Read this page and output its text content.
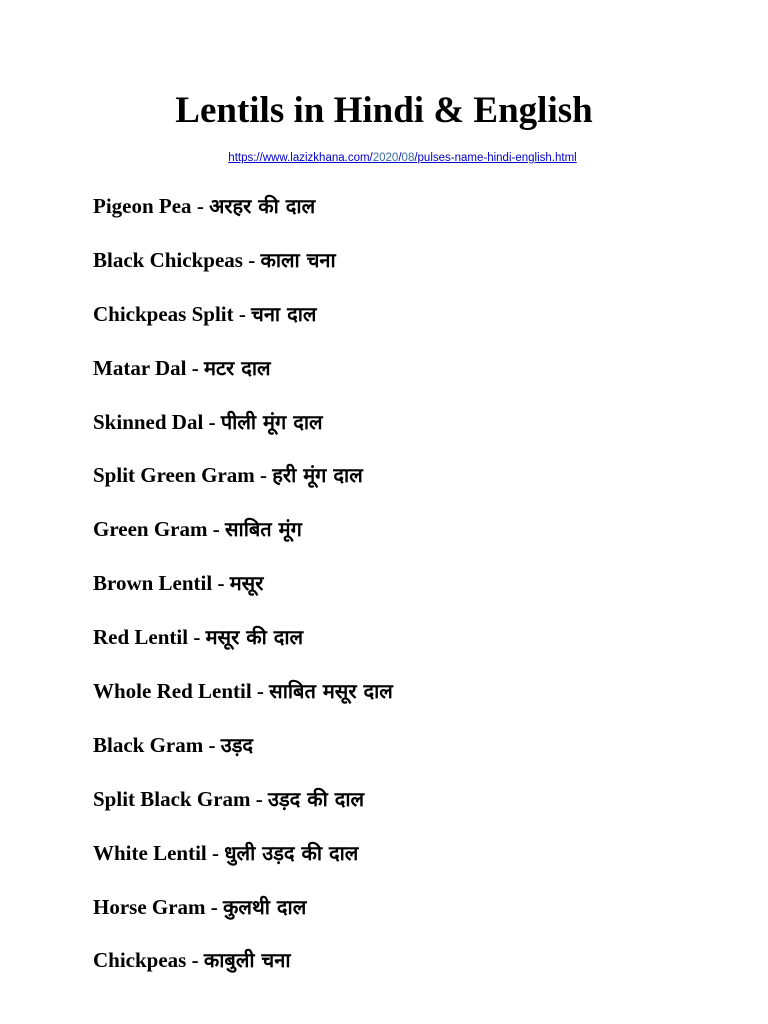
Lentils in Hindi & English
https://www.lazizkhana.com/2020/08/pulses-name-hindi-english.html
Pigeon Pea - अरहर की दाल
Black Chickpeas - काला चना
Chickpeas Split - चना दाल
Matar Dal - मटर दाल
Skinned Dal - पीली मूंग दाल
Split Green Gram - हरी मूंग दाल
Green Gram - साबित मूंग
Brown Lentil - मसूर
Red Lentil - मसूर की दाल
Whole Red Lentil - साबित मसूर दाल
Black Gram - उड़द
Split Black Gram - उड़द की दाल
White Lentil - धुली उड़द की दाल
Horse Gram - कुलथी दाल
Chickpeas - काबुली चना
